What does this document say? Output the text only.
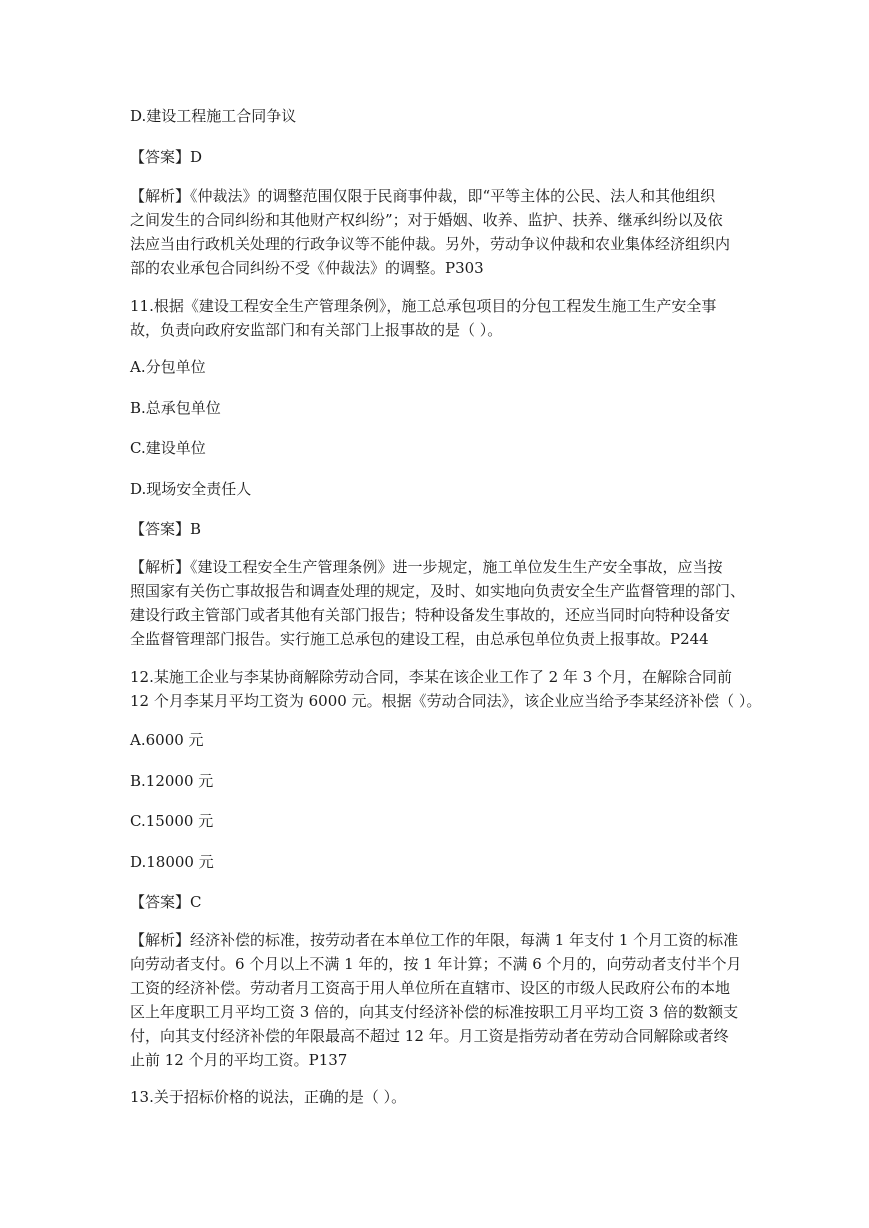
D.建设工程施工合同争议
【答案】D
【解析】《仲裁法》的调整范围仅限于民商事仲裁，即“平等主体的公民、法人和其他组织
之间发生的合同纠纷和其他财产权纠纷”；对于婚姻、收养、监护、扶养、继承纠纷以及依
法应当由行政机关处理的行政争议等不能仲裁。另外，劳动争议仲裁和农业集体经济组织内
部的农业承包合同纠纷不受《仲裁法》的调整。P303
11.根据《建设工程安全生产管理条例》，施工总承包项目的分包工程发生施工生产安全事
故，负责向政府安监部门和有关部门上报事故的是（ ）。
A.分包单位
B.总承包单位
C.建设单位
D.现场安全责任人
【答案】B
【解析】《建设工程安全生产管理条例》进一步规定，施工单位发生生产安全事故，应当按
照国家有关伤亡事故报告和调查处理的规定，及时、如实地向负责安全生产监督管理的部门、
建设行政主管部门或者其他有关部门报告；特种设备发生事故的，还应当同时向特种设备安
全监督管理部门报告。实行施工总承包的建设工程，由总承包单位负责上报事故。P244
12.某施工企业与李某协商解除劳动合同，李某在该企业工作了 2 年 3 个月，在解除合同前
12 个月李某月平均工资为 6000 元。根据《劳动合同法》，该企业应当给予李某经济补偿（ ）。
A.6000 元
B.12000 元
C.15000 元
D.18000 元
【答案】C
【解析】经济补偿的标准，按劳动者在本单位工作的年限，每满 1 年支付 1 个月工资的标准
向劳动者支付。6 个月以上不满 1 年的，按 1 年计算；不满 6 个月的，向劳动者支付半个月
工资的经济补偿。劳动者月工资高于用人单位所在直辖市、设区的市级人民政府公布的本地
区上年度职工月平均工资 3 倍的，向其支付经济补偿的标准按职工月平均工资 3 倍的数额支
付，向其支付经济补偿的年限最高不超过 12 年。月工资是指劳动者在劳动合同解除或者终
止前 12 个月的平均工资。P137
13.关于招标价格的说法，正确的是（ ）。
